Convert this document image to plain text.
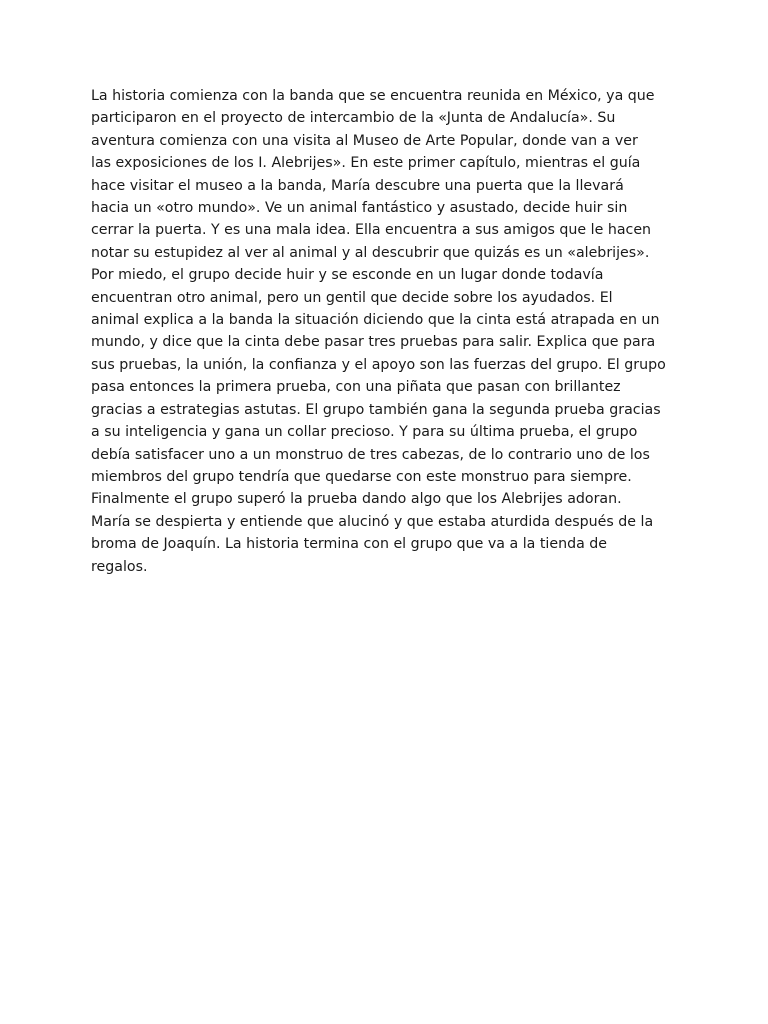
La historia comienza con la banda que se encuentra reunida en México, ya que
participaron en el proyecto de intercambio de la «Junta de Andalucía». Su
aventura comienza con una visita al Museo de Arte Popular, donde van a ver
las exposiciones de los I. Alebrijes». En este primer capítulo, mientras el guía
hace visitar el museo a la banda, María descubre una puerta que la llevará
hacia un «otro mundo». Ve un animal fantástico y asustado, decide huir sin
cerrar la puerta. Y es una mala idea. Ella encuentra a sus amigos que le hacen
notar su estupidez al ver al animal y al descubrir que quizás es un «alebrijes».
Por miedo, el grupo decide huir y se esconde en un lugar donde todavía
encuentran otro animal, pero un gentil que decide sobre los ayudados. El
animal explica a la banda la situación diciendo que la cinta está atrapada en un
mundo, y dice que la cinta debe pasar tres pruebas para salir. Explica que para
sus pruebas, la unión, la confianza y el apoyo son las fuerzas del grupo. El grupo
pasa entonces la primera prueba, con una piñata que pasan con brillantez
gracias a estrategias astutas. El grupo también gana la segunda prueba gracias
a su inteligencia y gana un collar precioso. Y para su última prueba, el grupo
debía satisfacer uno a un monstruo de tres cabezas, de lo contrario uno de los
miembros del grupo tendría que quedarse con este monstruo para siempre.
Finalmente el grupo superó la prueba dando algo que los Alebrijes adoran.
María se despierta y entiende que alucinó y que estaba aturdida después de la
broma de Joaquín. La historia termina con el grupo que va a la tienda de
regalos.
